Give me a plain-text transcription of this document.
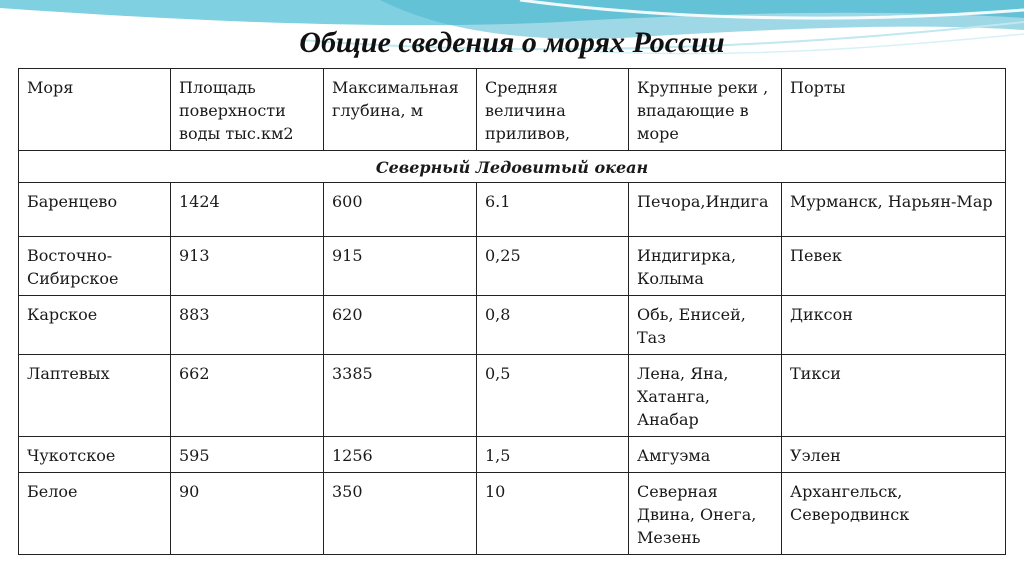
Общие сведения о морях России
Моря	Площадь поверхности воды тыс.км2	Максимальная глубина, м	Средняя величина приливов,	Крупные реки , впадающие в море	Порты
Северный Ледовитый океан					
Баренцево	1424	600	6.1	Печора,Индига	Мурманск, Нарьян-Мар
Восточно-Сибирское	913	915	0,25	Индигирка, Колыма	Певек
Карское	883	620	0,8	Обь, Енисей, Таз	Диксон
Лаптевых	662	3385	0,5	Лена, Яна, Хатанга, Анабар	Тикси
Чукотское	595	1256	1,5	Амгуэма	Уэлен
Белое	90	350	10	Северная Двина, Онега, Мезень	Архангельск, Северодвинск
